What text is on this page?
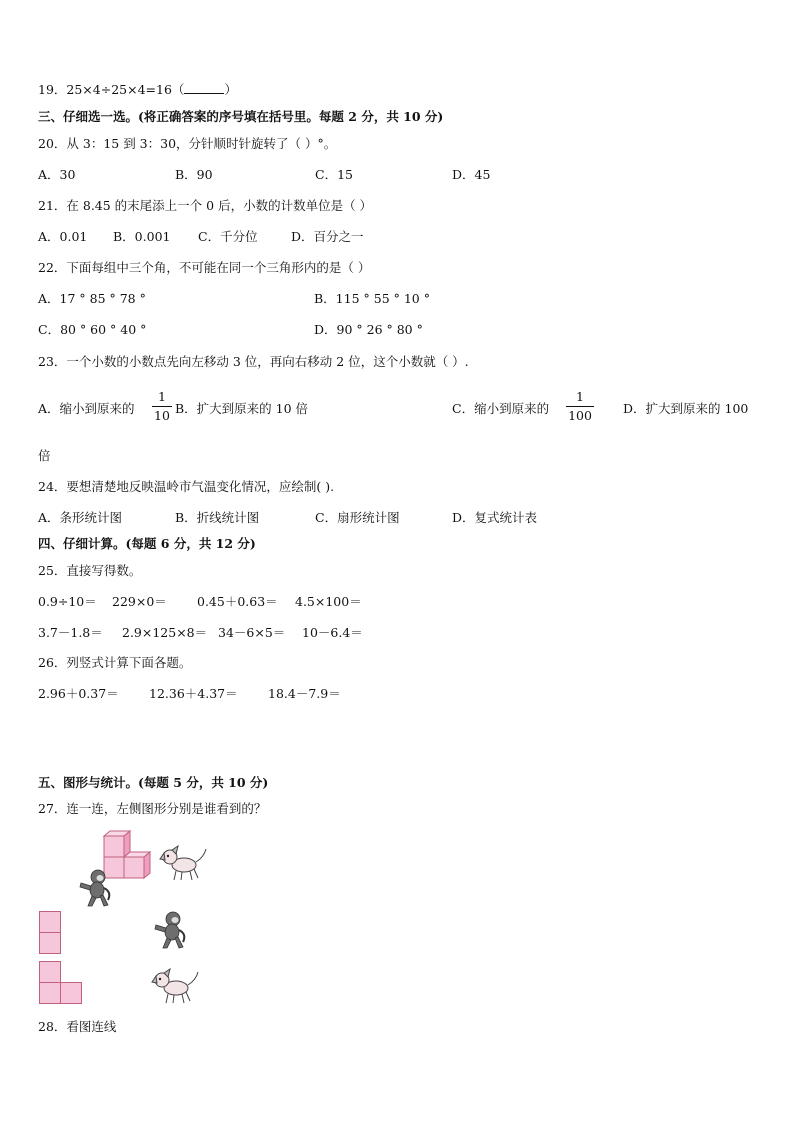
19．25×4÷25×4=16（	）
三、仔细选一选。(将正确答案的序号填在括号里。每题 2 分，共 10 分)
20．从 3：15 到 3：30，分针顺时针旋转了（ ）°。
A．30	B．90	C．15	D．45
21．在 8.45 的末尾添上一个 0 后，小数的计数单位是（ ）
A．0.01 B．0.001 C．千分位	D．百分之一
22．下面每组中三个角，不可能在同一个三角形内的是（ ）
A．17 ° 85 ° 78 °	B．115 ° 55 ° 10 °
C．80 ° 60 ° 40 °	D．90 ° 26 ° 80 °
23．一个小数的小数点先向左移动 3 位，再向右移动 2 位，这个小数就（ ）.
A．缩小到原来的
1
10 B．扩大到原来的 10 倍	C．缩小到原来的
1
100 D．扩大到原来的 100
倍
24．要想清楚地反映温岭市气温变化情况，应绘制( ).
A．条形统计图	B．折线统计图	C．扇形统计图	D．复式统计表
四、仔细计算。(每题 6 分，共 12 分)
25．直接写得数。
0.9÷10＝ 229×0＝ 0.45＋0.63＝ 4.5×100＝
3.7－1.8＝ 2.9×125×8＝ 34－6×5＝ 10－6.4＝
26．列竖式计算下面各题。
2.96＋0.37＝ 12.36＋4.37＝ 18.4－7.9＝
五、图形与统计。(每题 5 分，共 10 分)
27．连一连，左侧图形分别是谁看到的？
28．看图连线
